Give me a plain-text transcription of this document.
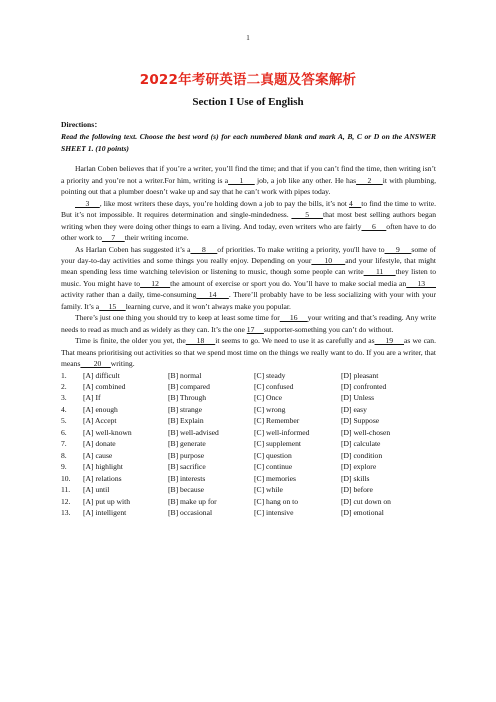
1
2022年考研英语二真题及答案解析
Section I Use of English
Directions：
Read the following text. Choose the best word (s) for each numbered blank and mark A, B, C or D on the ANSWER SHEET 1. (10 points)

Harlan Coben believes that if you’re a writer, you’ll find the time; and that if you can’t find the time, then writing isn’t a priority and you’re not a writer.For him, writing is a     1      job, a job like any other. He has     2     it with plumbing, pointing out that a plumber doesn’t wake up and say that he can’t work with pipes today.

3     , like most writers these days, you’re holding down a job to pay the bills, it’s not 4    to find the time to write. But it’s not impossible. It requires determination and single-mindedness.      5     that most best selling authors began writing when they were doing other things to earn a living. And today, even writers who are fairly     6     often have to do other work to     7     their writing income.

As Harlan Coben has suggested it’s a     8     of priorities. To make writing a priority, you'll have to     9     some of your day-to-day activities and some things you really enjoy. Depending on your     10     and your lifestyle, that might mean spending less time watching television or listening to music, though some people can write     11     they listen to music. You might have to     12     the amount of exercise or sport you do. You’ll have to make social media an     13      activity rather than a daily, time-consuming     14     . There’ll probably have to be less socializing with your with your family. It’s a     15     learning curve, and it won’t always make you popular.

There’s just one thing you should try to keep at least some time for     16     your writing and that’s reading. Any write needs to read as much and as widely as they can. It’s the one 17     supporter-something you can’t do without.

Time is finite, the older you yet, the     18     it seems to go. We need to use it as carefully and as     19     as we can. That means prioritising out activities so that we spend most time on the things we really want to do. If you are a writer, that means       20     writing.

1.	[A] difficult	[B] normal	[C] steady	[D] pleasant
2.	[A] combined	[B] compared	[C] confused	[D] confronted
3.	[A] If	[B] Through	[C] Once	[D] Unless
4.	[A] enough	[B] strange	[C] wrong	[D] easy
5.	[A] Accept	[B] Explain	[C] Remember	[D] Suppose
6.	[A] well-known	[B] well-advised	[C] well-informed	[D] well-chosen
7.	[A] donate	[B] generate	[C] supplement	[D] calculate
8.	[A] cause	[B] purpose	[C] question	[D] condition
9.	[A] highlight	[B] sacrifice	[C] continue	[D] explore
10.	[A] relations	[B] interests	[C] memories	[D] skills
11.	[A] until	[B] because	[C] while	[D] before
12.	[A] put up with	[B] make up for	[C] hang on to	[D] cut down on
13.	[A] intelligent	[B] occasional	[C] intensive	[D] emotional
